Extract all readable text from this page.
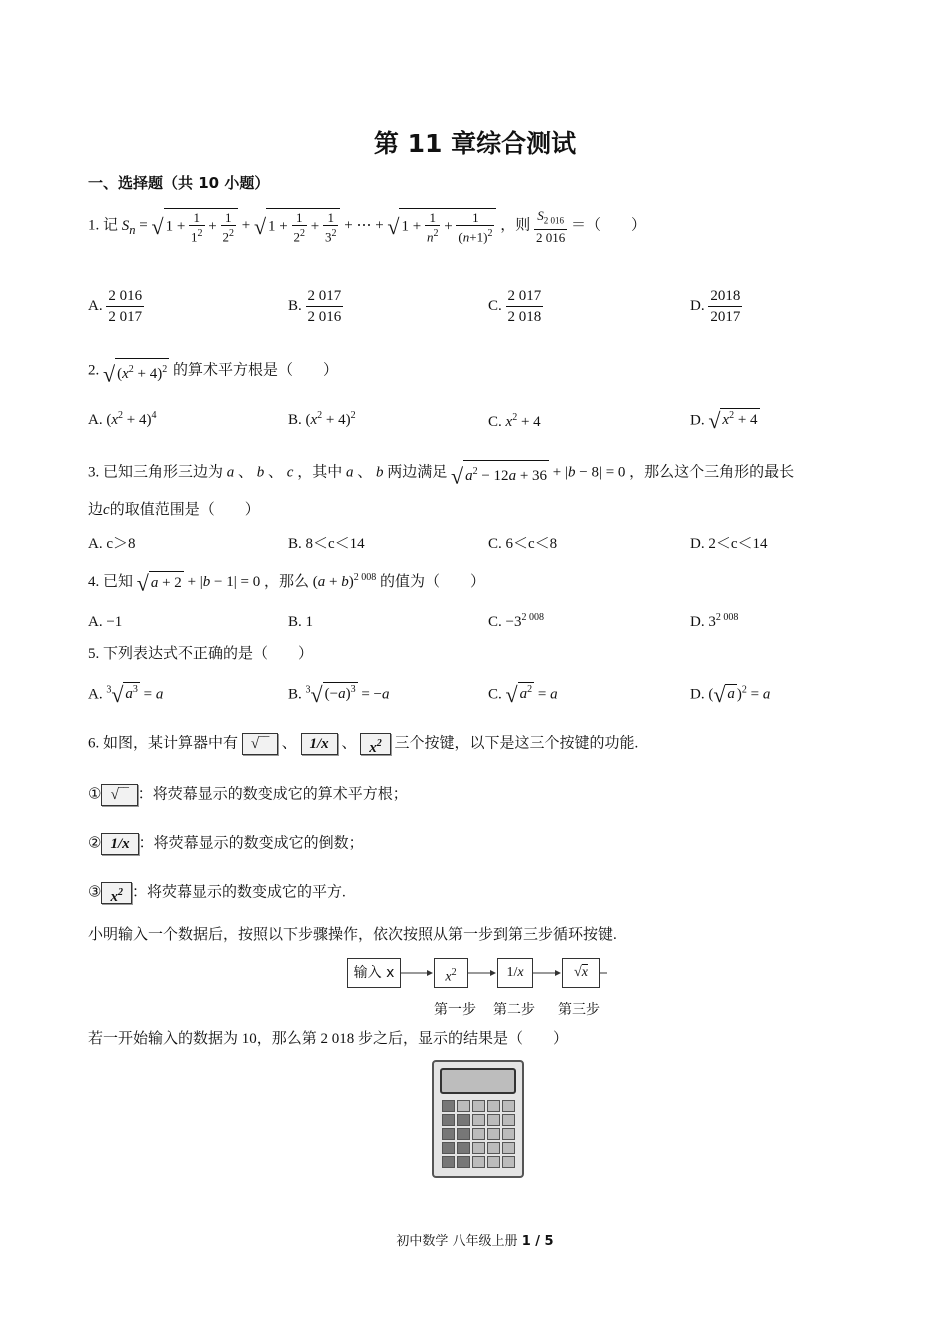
第 11 章综合测试
一、选择题（共 10 小题）
1. 记 $S_n$ = √ $1 + \frac{1}{1^2} + \frac{1}{2^2}$ + √ $1 + \frac{1}{2^2} + \frac{1}{3^2}$ + ⋯ + √ $1 + \frac{1}{n^2} + \frac{1}{(n+1)^2}$ ，则 $\frac{S_{2 016}}{2 016}$ ＝（　　）
A. $\frac{2 016}{2 017}$	B. $\frac{2 017}{2 016}$	C. $\frac{2 017}{2 018}$	D. $\frac{2018}{2017}$
2. √ $(x^2 + 4)^2$ 的算术平方根是（　　）
A. $(x^2 + 4)^4$	B. $(x^2 + 4)^2$	C. $x^2 + 4$	D. √ $x^2 + 4$
3. 已知三角形三边为 a 、 b 、 c ，其中 a 、 b 两边满足 √ $a^2 - 12a + 36 + |b - 8| = 0$ ，那么这个三角形的最长
边c的取值范围是（　　）
A. c＞8	B. 8＜c＜14	C. 6＜c＜8	D. 2＜c＜14
4. 已知 √ a + 2 + |b − 1| = 0 ，那么 $(a + b)^{2 008}$ 的值为（　　）
A. −1	B. 1	C. $-3^{2 008}$	D. $3^{2 008}$
5. 下列表达式不正确的是（　　）
A. $^3$√ $a^3 = a$	B. $^3$√ $(-a)^3 = -a$	C. √ $a^2 = a$	D. (√ a )$^2$ = a
6. 如图，某计算器中有 √‾‾ 、 1/x 、 $x^2$ 三个按键，以下是这三个按键的功能.
① √‾‾ ：将荧幕显示的数变成它的算术平方根；
② 1/x ：将荧幕显示的数变成它的倒数；
③ $x^2$ ：将荧幕显示的数变成它的平方.
小明输入一个数据后，按照以下步骤操作，依次按照从第一步到第三步循环按键.
输入 x	$x^2$	1/x	√x
第一步 第二步 第三步
若一开始输入的数据为 10，那么第 2 018 步之后，显示的结果是（　　）
初中数学 八年级上册 1 / 5
